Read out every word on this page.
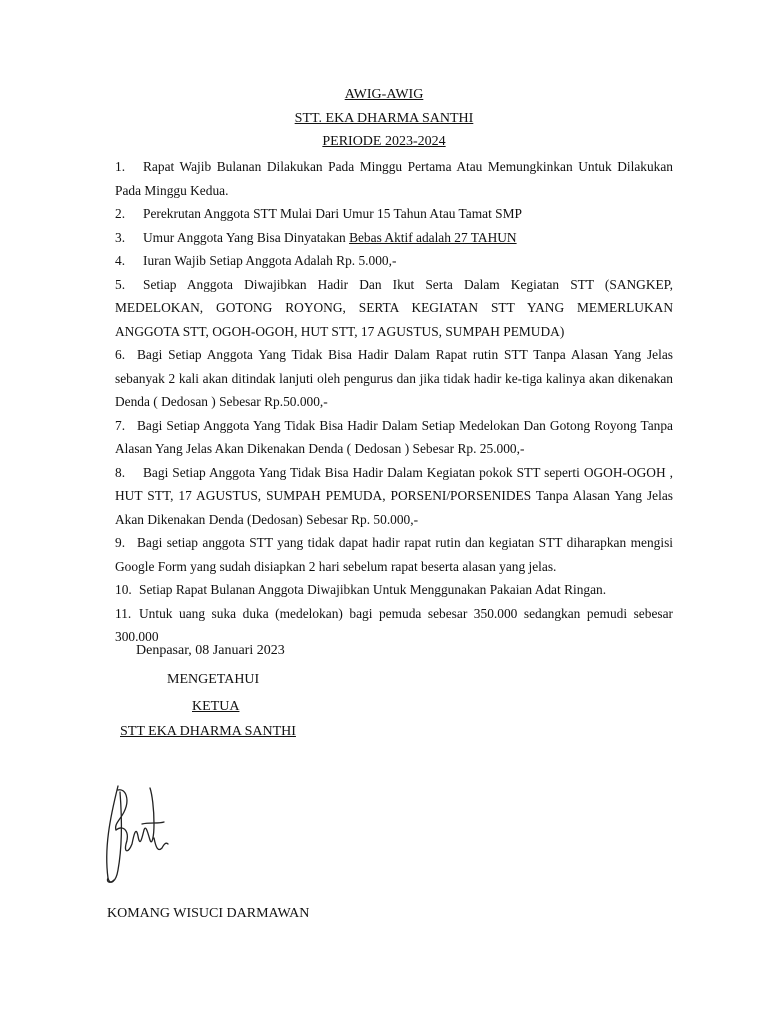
AWIG-AWIG
STT. EKA DHARMA SANTHI
PERIODE 2023-2024
1.	Rapat Wajib Bulanan Dilakukan Pada Minggu Pertama Atau Memungkinkan Untuk Dilakukan Pada Minggu Kedua.
2.	Perekrutan Anggota STT Mulai Dari Umur 15 Tahun Atau Tamat SMP
3.	Umur Anggota Yang Bisa Dinyatakan Bebas Aktif adalah 27 TAHUN
4.	Iuran Wajib Setiap Anggota Adalah Rp. 5.000,-
5.	Setiap Anggota Diwajibkan Hadir Dan Ikut Serta Dalam Kegiatan STT (SANGKEP, MEDELOKAN, GOTONG ROYONG, SERTA KEGIATAN STT YANG MEMERLUKAN ANGGOTA STT, OGOH-OGOH, HUT STT, 17 AGUSTUS, SUMPAH PEMUDA)
6. Bagi Setiap Anggota Yang Tidak Bisa Hadir Dalam Rapat rutin STT Tanpa Alasan Yang Jelas sebanyak 2 kali akan ditindak lanjuti oleh pengurus dan jika tidak hadir ke-tiga kalinya akan dikenakan Denda ( Dedosan ) Sebesar Rp.50.000,-
7. Bagi Setiap Anggota Yang Tidak Bisa Hadir Dalam Setiap Medelokan Dan Gotong Royong Tanpa Alasan Yang Jelas Akan Dikenakan Denda ( Dedosan ) Sebesar Rp. 25.000,-
8.	Bagi Setiap Anggota Yang Tidak Bisa Hadir Dalam Kegiatan pokok STT seperti OGOH-OGOH , HUT STT, 17 AGUSTUS, SUMPAH PEMUDA, PORSENI/PORSENIDES Tanpa Alasan Yang Jelas Akan Dikenakan Denda (Dedosan) Sebesar Rp. 50.000,-
9. Bagi setiap anggota STT yang tidak dapat hadir rapat rutin dan kegiatan STT diharapkan mengisi Google Form yang sudah disiapkan 2 hari sebelum rapat beserta alasan yang jelas.
10. Setiap Rapat Bulanan Anggota Diwajibkan Untuk Menggunakan Pakaian Adat Ringan.
11. Untuk uang suka duka (medelokan) bagi pemuda sebesar 350.000 sedangkan pemudi sebesar 300.000
Denpasar, 08 Januari 2023
MENGETAHUI
KETUA
STT EKA DHARMA SANTHI
KOMANG WISUCI DARMAWAN
